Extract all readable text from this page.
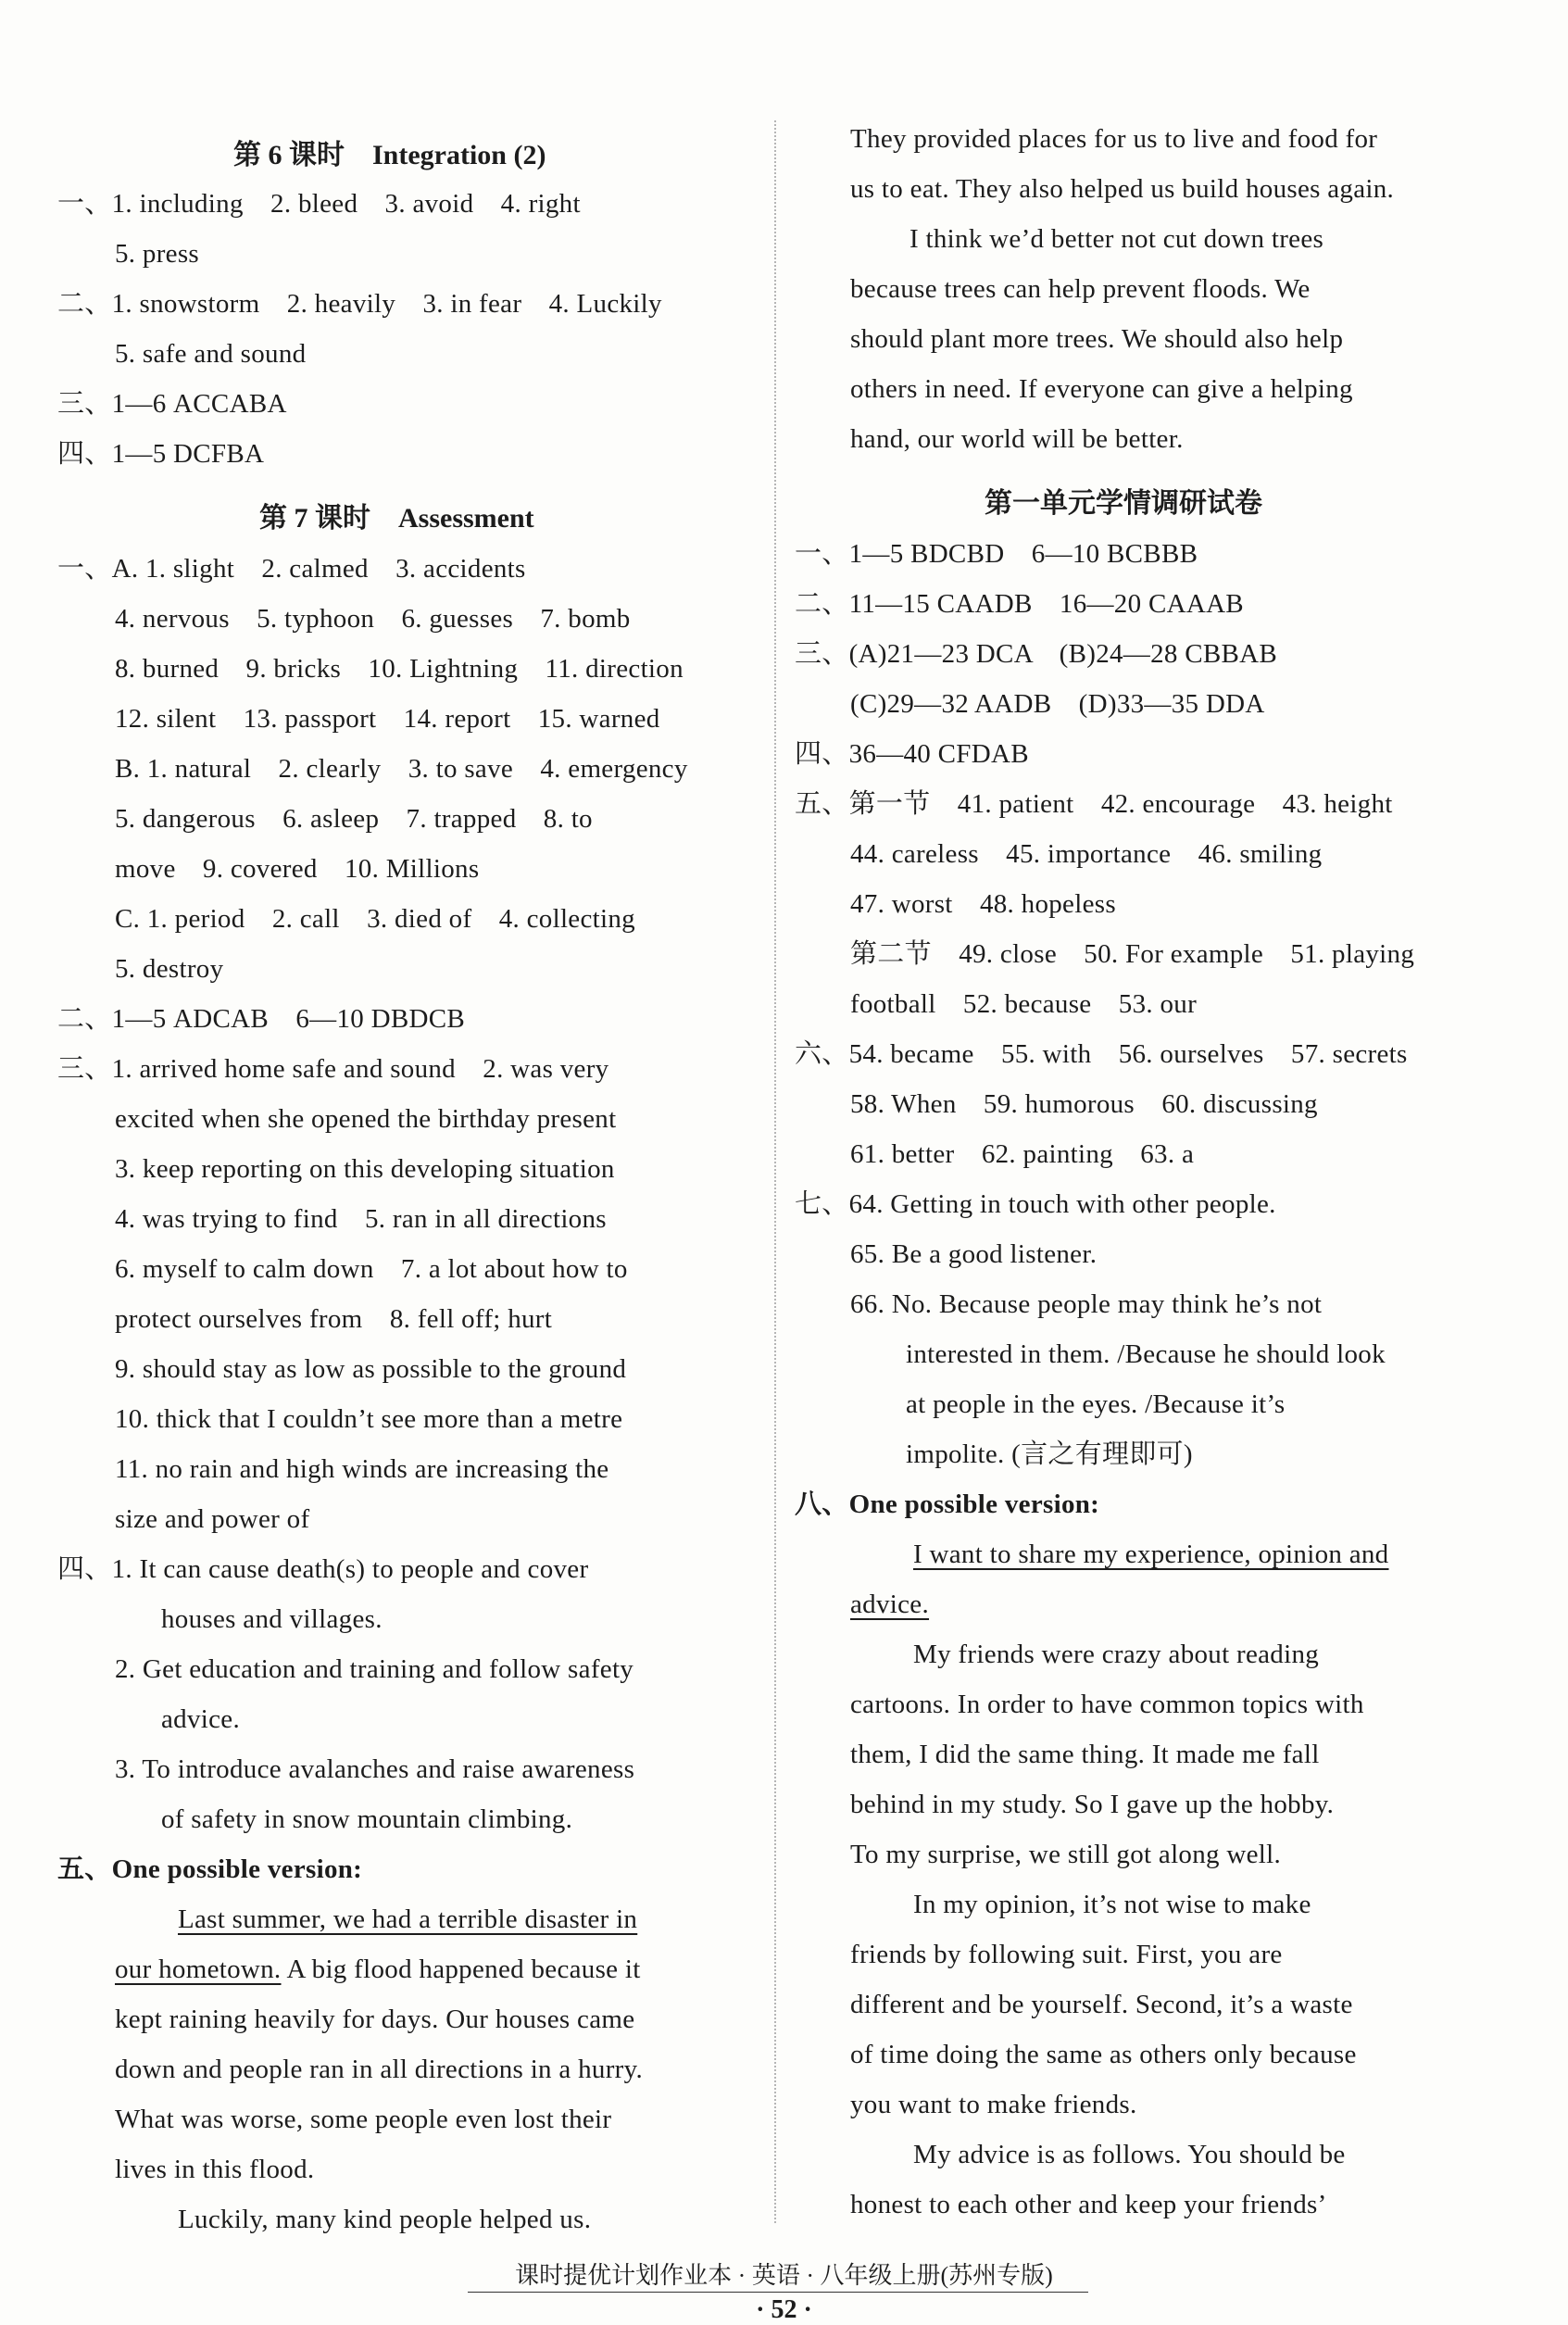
第 6 课时　Integration (2)
一、1. including　2. bleed　3. avoid　4. right
5. press
二、1. snowstorm　2. heavily　3. in fear　4. Luckily
5. safe and sound
三、1—6 ACCABA
四、1—5 DCFBA
第 7 课时　Assessment
一、A. 1. slight　2. calmed　3. accidents
4. nervous　5. typhoon　6. guesses　7. bomb
8. burned　9. bricks　10. Lightning　11. direction
12. silent　13. passport　14. report　15. warned
B. 1. natural　2. clearly　3. to save　4. emergency
5. dangerous　6. asleep　7. trapped　8. to
move　9. covered　10. Millions
C. 1. period　2. call　3. died of　4. collecting
5. destroy
二、1—5 ADCAB　6—10 DBDCB
三、1. arrived home safe and sound　2. was very
excited when she opened the birthday present
3. keep reporting on this developing situation
4. was trying to find　5. ran in all directions
6. myself to calm down　7. a lot about how to
protect ourselves from　8. fell off; hurt
9. should stay as low as possible to the ground
10. thick that I couldn’t see more than a metre
11. no rain and high winds are increasing the
size and power of
四、1. It can cause death(s) to people and cover
houses and villages.
2. Get education and training and follow safety
advice.
3. To introduce avalanches and raise awareness
of safety in snow mountain climbing.
五、One possible version:
Last summer, we had a terrible disaster in
our hometown. A big flood happened because it
kept raining heavily for days. Our houses came
down and people ran in all directions in a hurry.
What was worse, some people even lost their
lives in this flood.
Luckily, many kind people helped us.
They provided places for us to live and food for
us to eat. They also helped us build houses again.
I think we’d better not cut down trees
because trees can help prevent floods. We
should plant more trees. We should also help
others in need. If everyone can give a helping
hand, our world will be better.
第一单元学情调研试卷
一、1—5 BDCBD　6—10 BCBBB
二、11—15 CAADB　16—20 CAAAB
三、(A)21—23 DCA　(B)24—28 CBBAB
(C)29—32 AADB　(D)33—35 DDA
四、36—40 CFDAB
五、第一节　41. patient　42. encourage　43. height
44. careless　45. importance　46. smiling
47. worst　48. hopeless
第二节　49. close　50. For example　51. playing
football　52. because　53. our
六、54. became　55. with　56. ourselves　57. secrets
58. When　59. humorous　60. discussing
61. better　62. painting　63. a
七、64. Getting in touch with other people.
65. Be a good listener.
66. No. Because people may think he’s not
interested in them. /Because he should look
at people in the eyes. /Because it’s
impolite. (言之有理即可)
八、One possible version:
I want to share my experience, opinion and
advice.
My friends were crazy about reading
cartoons. In order to have common topics with
them, I did the same thing. It made me fall
behind in my study. So I gave up the hobby.
To my surprise, we still got along well.
In my opinion, it’s not wise to make
friends by following suit. First, you are
different and be yourself. Second, it’s a waste
of time doing the same as others only because
you want to make friends.
My advice is as follows. You should be
honest to each other and keep your friends’
课时提优计划作业本 · 英语 · 八年级上册(苏州专版)
· 52 ·
